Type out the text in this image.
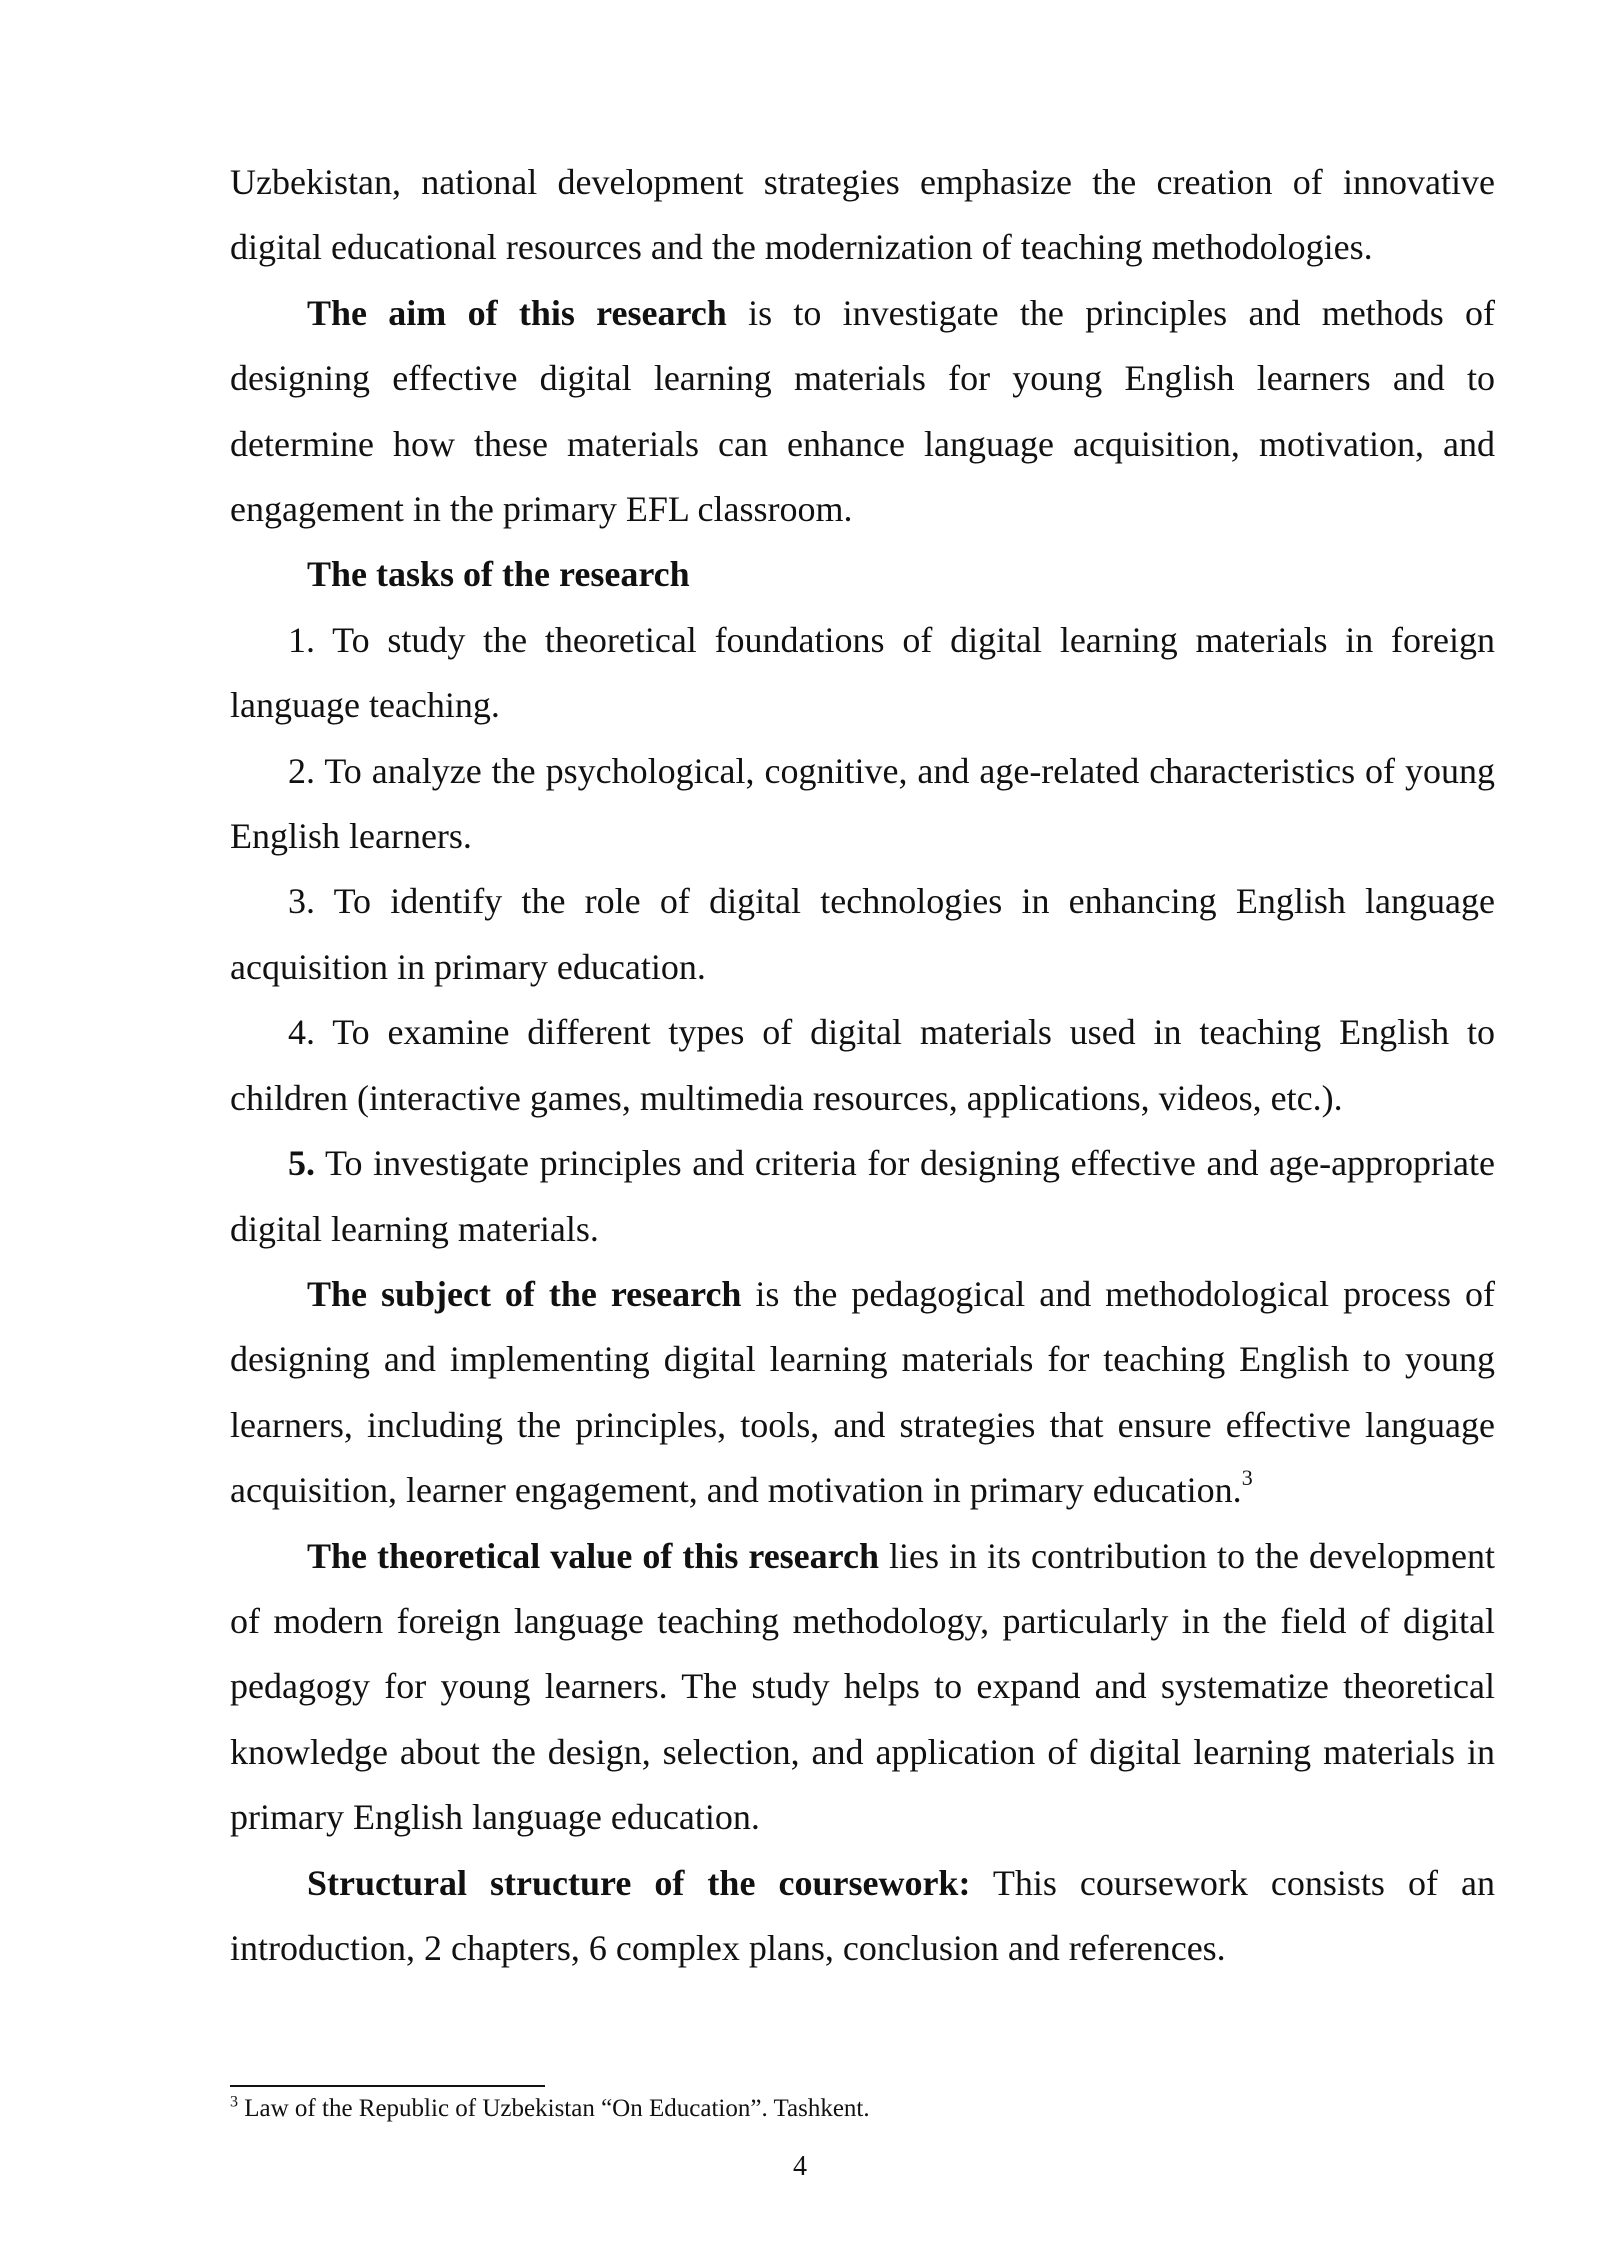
Uzbekistan, national development strategies emphasize the creation of innovative digital educational resources and the modernization of teaching methodologies.

The aim of this research is to investigate the principles and methods of designing effective digital learning materials for young English learners and to determine how these materials can enhance language acquisition, motivation, and engagement in the primary EFL classroom.

The tasks of the research

1. To study the theoretical foundations of digital learning materials in foreign language teaching.

2. To analyze the psychological, cognitive, and age-related characteristics of young English learners.

3. To identify the role of digital technologies in enhancing English language acquisition in primary education.

4. To examine different types of digital materials used in teaching English to children (interactive games, multimedia resources, applications, videos, etc.).

5. To investigate principles and criteria for designing effective and age-appropriate digital learning materials.

The subject of the research is the pedagogical and methodological process of designing and implementing digital learning materials for teaching English to young learners, including the principles, tools, and strategies that ensure effective language acquisition, learner engagement, and motivation in primary education.$^3$

The theoretical value of this research lies in its contribution to the development of modern foreign language teaching methodology, particularly in the field of digital pedagogy for young learners. The study helps to expand and systematize theoretical knowledge about the design, selection, and application of digital learning materials in primary English language education.

Structural structure of the coursework: This coursework consists of an introduction, 2 chapters, 6 complex plans, conclusion and references.

$^3$ Law of the Republic of Uzbekistan “On Education”. Tashkent.
4
